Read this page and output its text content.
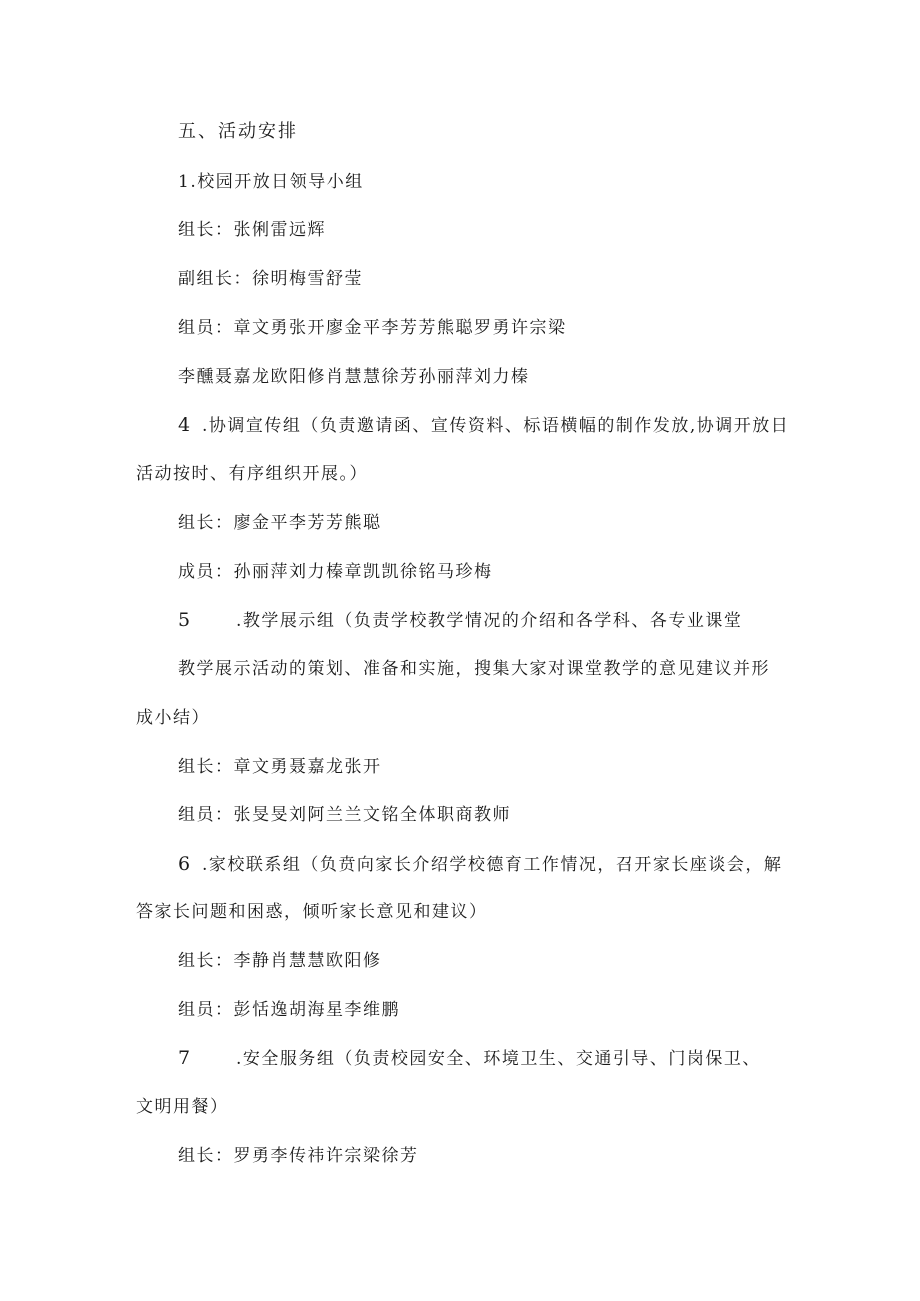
五、活动安排
1.校园开放日领导小组
组长：张俐雷远辉
副组长：徐明梅雪舒莹
组员：章文勇张开廖金平李芳芳熊聪罗勇许宗梁
李醺聂嘉龙欧阳修肖慧慧徐芳孙丽萍刘力榛
4 .协调宣传组（负责邀请函、宣传资料、标语横幅的制作发放,协调开放日
活动按时、有序组织开展。）
组长：廖金平李芳芳熊聪
成员：孙丽萍刘力榛章凯凯徐铭马珍梅
5	.教学展示组（负责学校教学情况的介绍和各学科、各专业课堂
教学展示活动的策划、准备和实施，搜集大家对课堂教学的意见建议并形
成小结）
组长：章文勇聂嘉龙张开
组员：张旻旻刘阿兰兰文铭全体职商教师
6 .家校联系组（负贲向家长介绍学校德育工作情况，召开家长座谈会，解
答家长问题和困惑，倾听家长意见和建议）
组长：李静肖慧慧欧阳修
组员：彭恬逸胡海星李维鹏
7	.安全服务组（负责校园安全、环境卫生、交通引导、门岗保卫、
文明用餐）
组长：罗勇李传祎许宗梁徐芳
